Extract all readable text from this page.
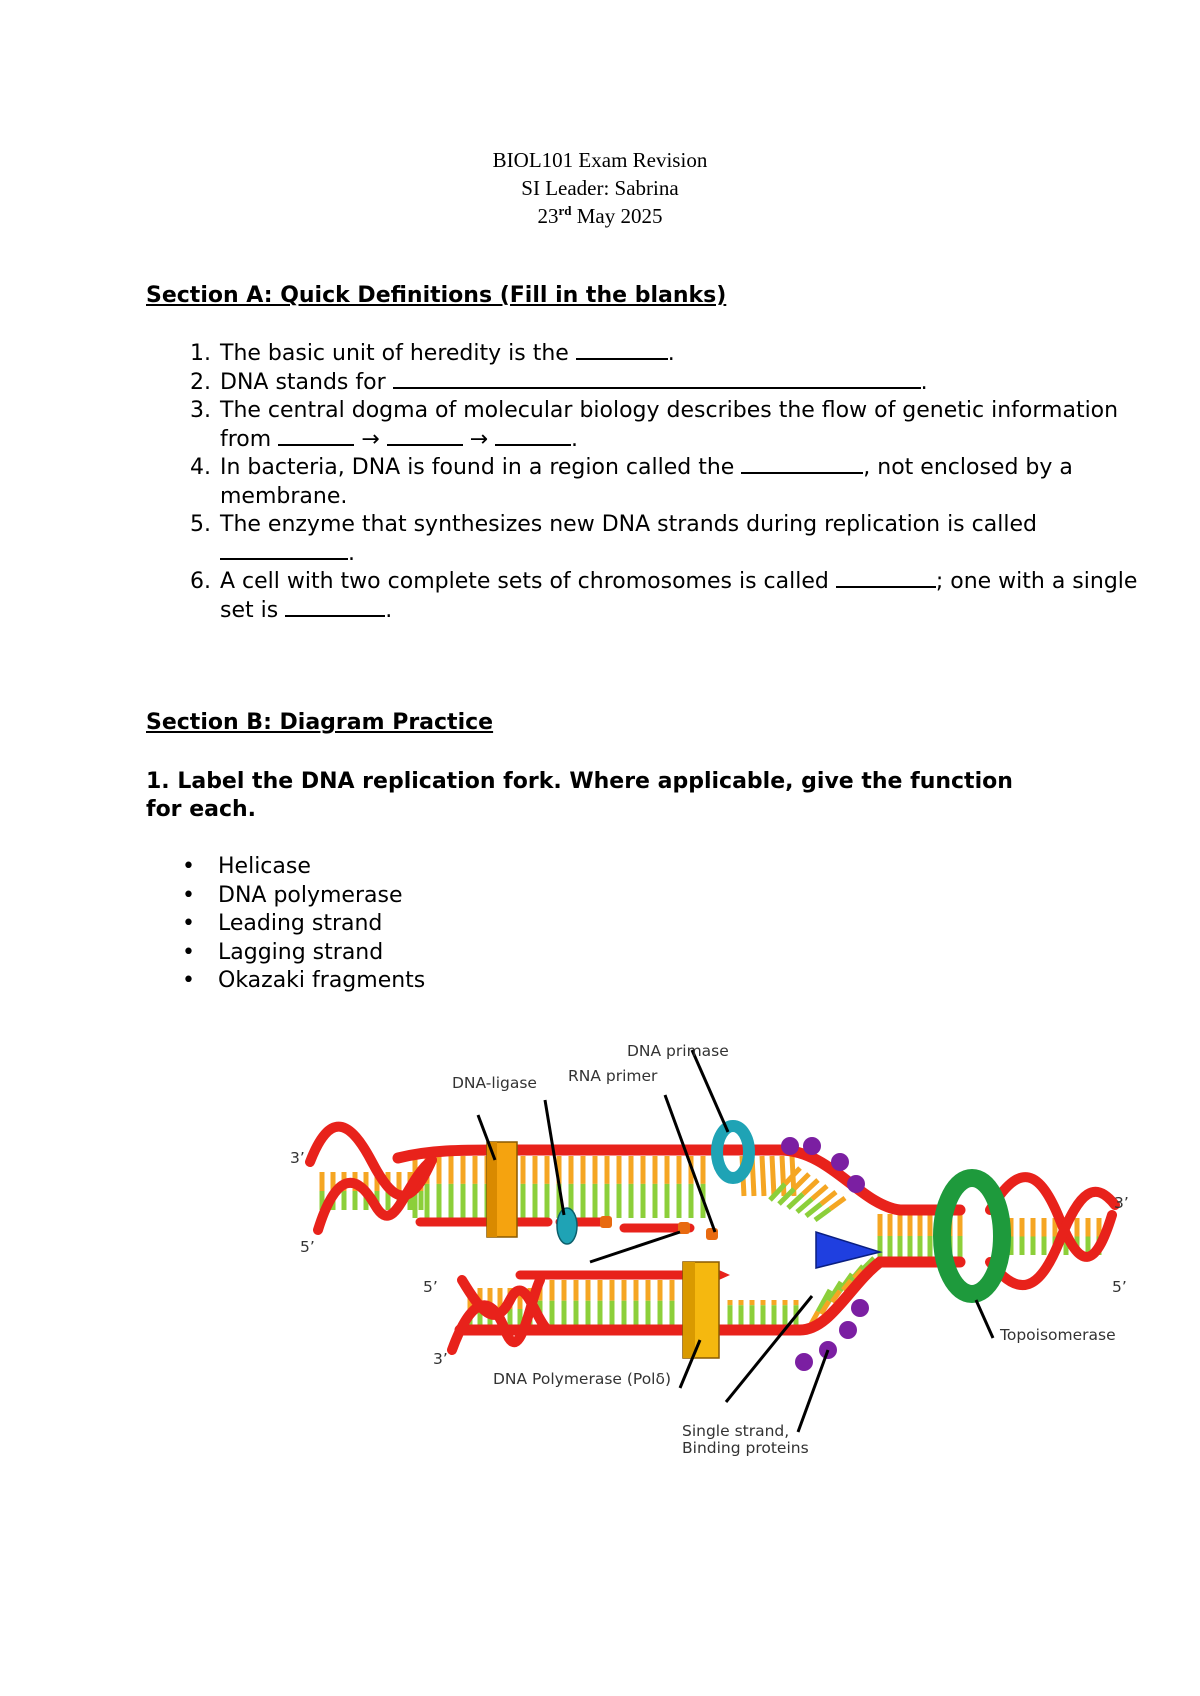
BIOL101 Exam Revision
SI Leader: Sabrina
23rd May 2025
Section A: Quick Definitions (Fill in the blanks)
1. The basic unit of heredity is the	.
2. DNA stands for	.
3. The central dogma of molecular biology describes the flow of genetic information from	→	→	.
4. In bacteria, DNA is found in a region called the	, not enclosed by a membrane.
5. The enzyme that synthesizes new DNA strands during replication is called .
6. A cell with two complete sets of chromosomes is called	; one with a single set is	.
Section B: Diagram Practice

1. Label the DNA replication fork. Where applicable, give the function for each.

• Helicase
• DNA polymerase
• Leading strand
• Lagging strand
• Okazaki fragments
DNA primase
DNA-ligase RNA primer
3’
5’
5’
3’
3’
5’
Topoisomerase
DNA Polymerase (Polδ)
Single strand,
Binding proteins
